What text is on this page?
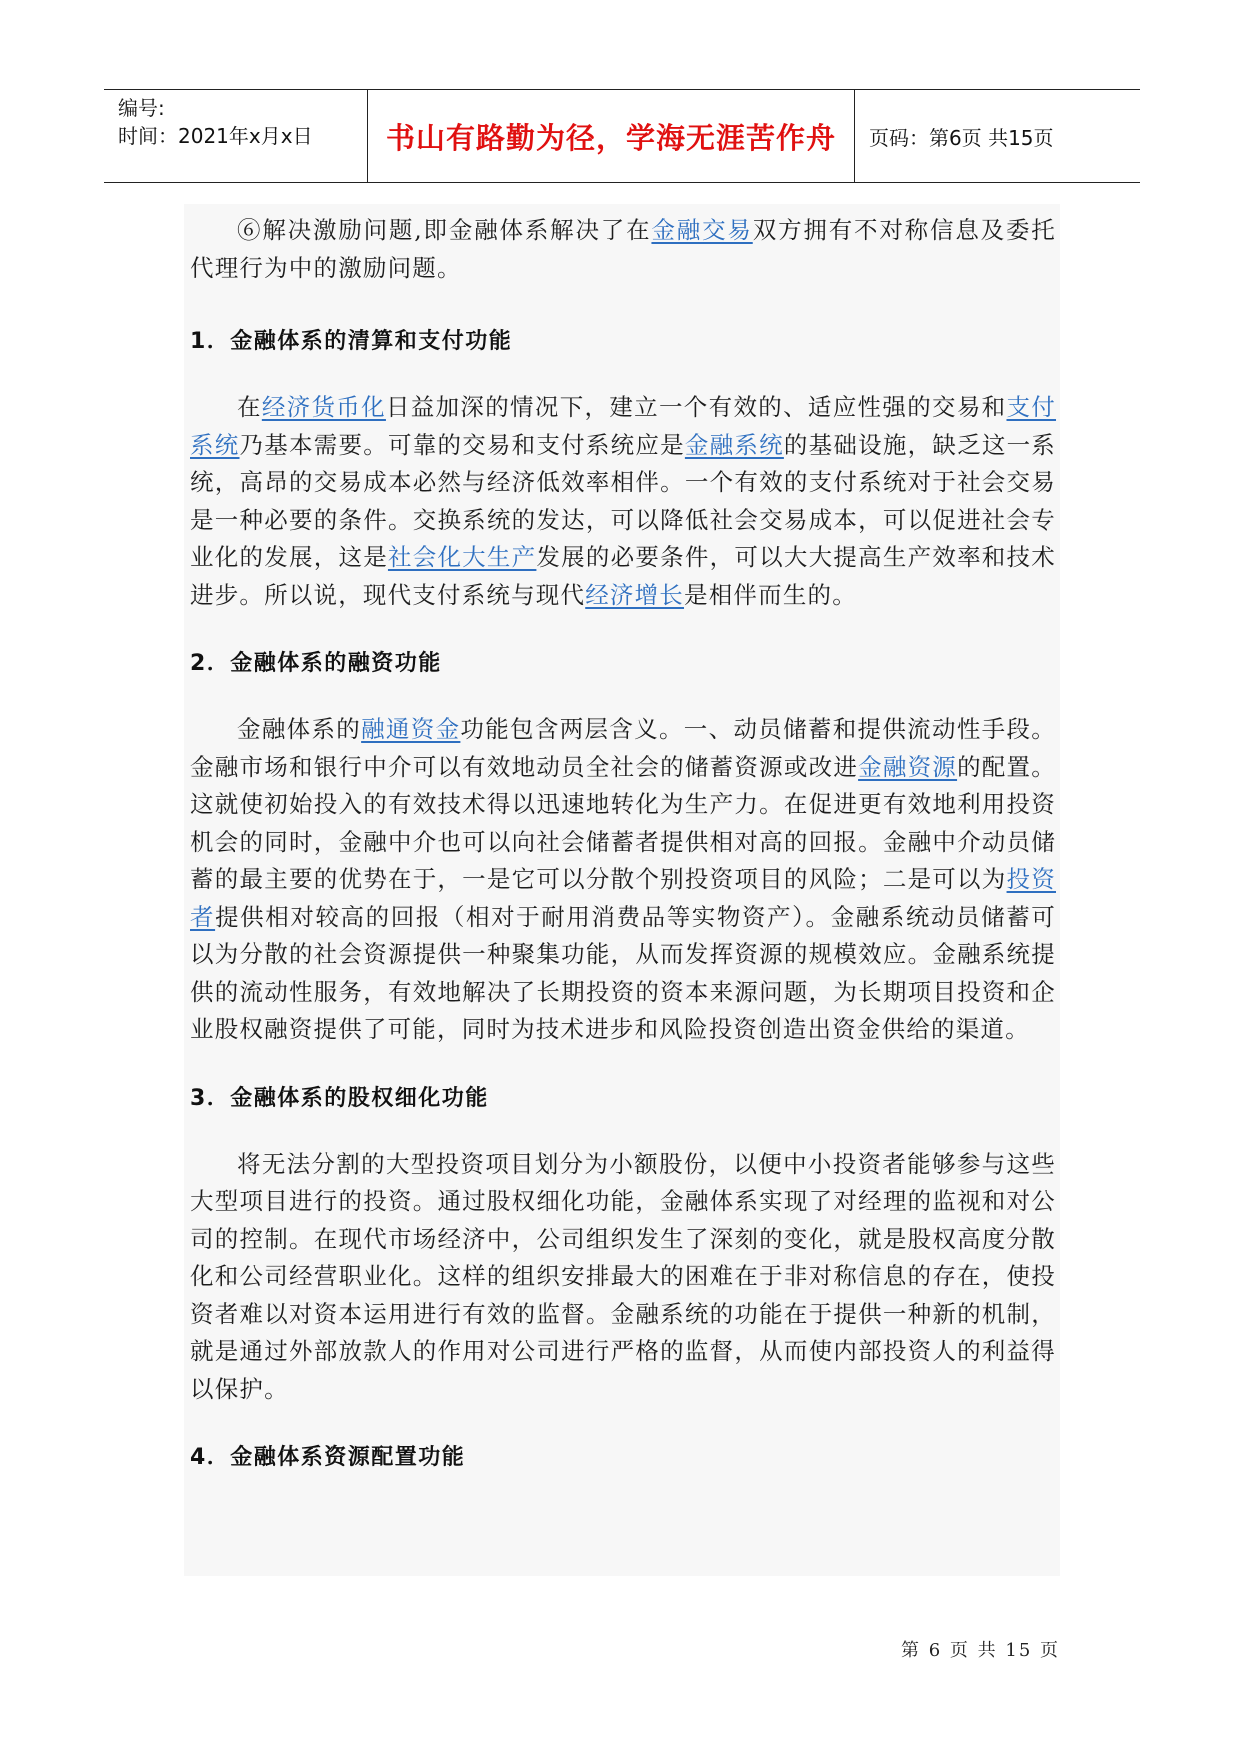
编号:
时间：2021年x月x日	书山有路勤为径，学海无涯苦作舟	页码：第6页 共15页

⑥解决激励问题,即金融体系解决了在金融交易双方拥有不对称信息及委托代理行为中的激励问题。

1．金融体系的清算和支付功能

在经济货币化日益加深的情况下，建立一个有效的、适应性强的交易和支付系统乃基本需要。可靠的交易和支付系统应是金融系统的基础设施，缺乏这一系统，高昂的交易成本必然与经济低效率相伴。一个有效的支付系统对于社会交易是一种必要的条件。交换系统的发达，可以降低社会交易成本，可以促进社会专业化的发展，这是社会化大生产发展的必要条件，可以大大提高生产效率和技术进步。所以说，现代支付系统与现代经济增长是相伴而生的。

2．金融体系的融资功能

金融体系的融通资金功能包含两层含义。一、动员储蓄和提供流动性手段。金融市场和银行中介可以有效地动员全社会的储蓄资源或改进金融资源的配置。这就使初始投入的有效技术得以迅速地转化为生产力。在促进更有效地利用投资机会的同时，金融中介也可以向社会储蓄者提供相对高的回报。金融中介动员储蓄的最主要的优势在于，一是它可以分散个别投资项目的风险；二是可以为投资者提供相对较高的回报（相对于耐用消费品等实物资产）。金融系统动员储蓄可以为分散的社会资源提供一种聚集功能，从而发挥资源的规模效应。金融系统提供的流动性服务，有效地解决了长期投资的资本来源问题，为长期项目投资和企业股权融资提供了可能，同时为技术进步和风险投资创造出资金供给的渠道。

3．金融体系的股权细化功能

将无法分割的大型投资项目划分为小额股份，以便中小投资者能够参与这些大型项目进行的投资。通过股权细化功能，金融体系实现了对经理的监视和对公司的控制。在现代市场经济中，公司组织发生了深刻的变化，就是股权高度分散化和公司经营职业化。这样的组织安排最大的困难在于非对称信息的存在，使投资者难以对资本运用进行有效的监督。金融系统的功能在于提供一种新的机制，就是通过外部放款人的作用对公司进行严格的监督，从而使内部投资人的利益得以保护。

4．金融体系资源配置功能
第 6 页 共 15 页
